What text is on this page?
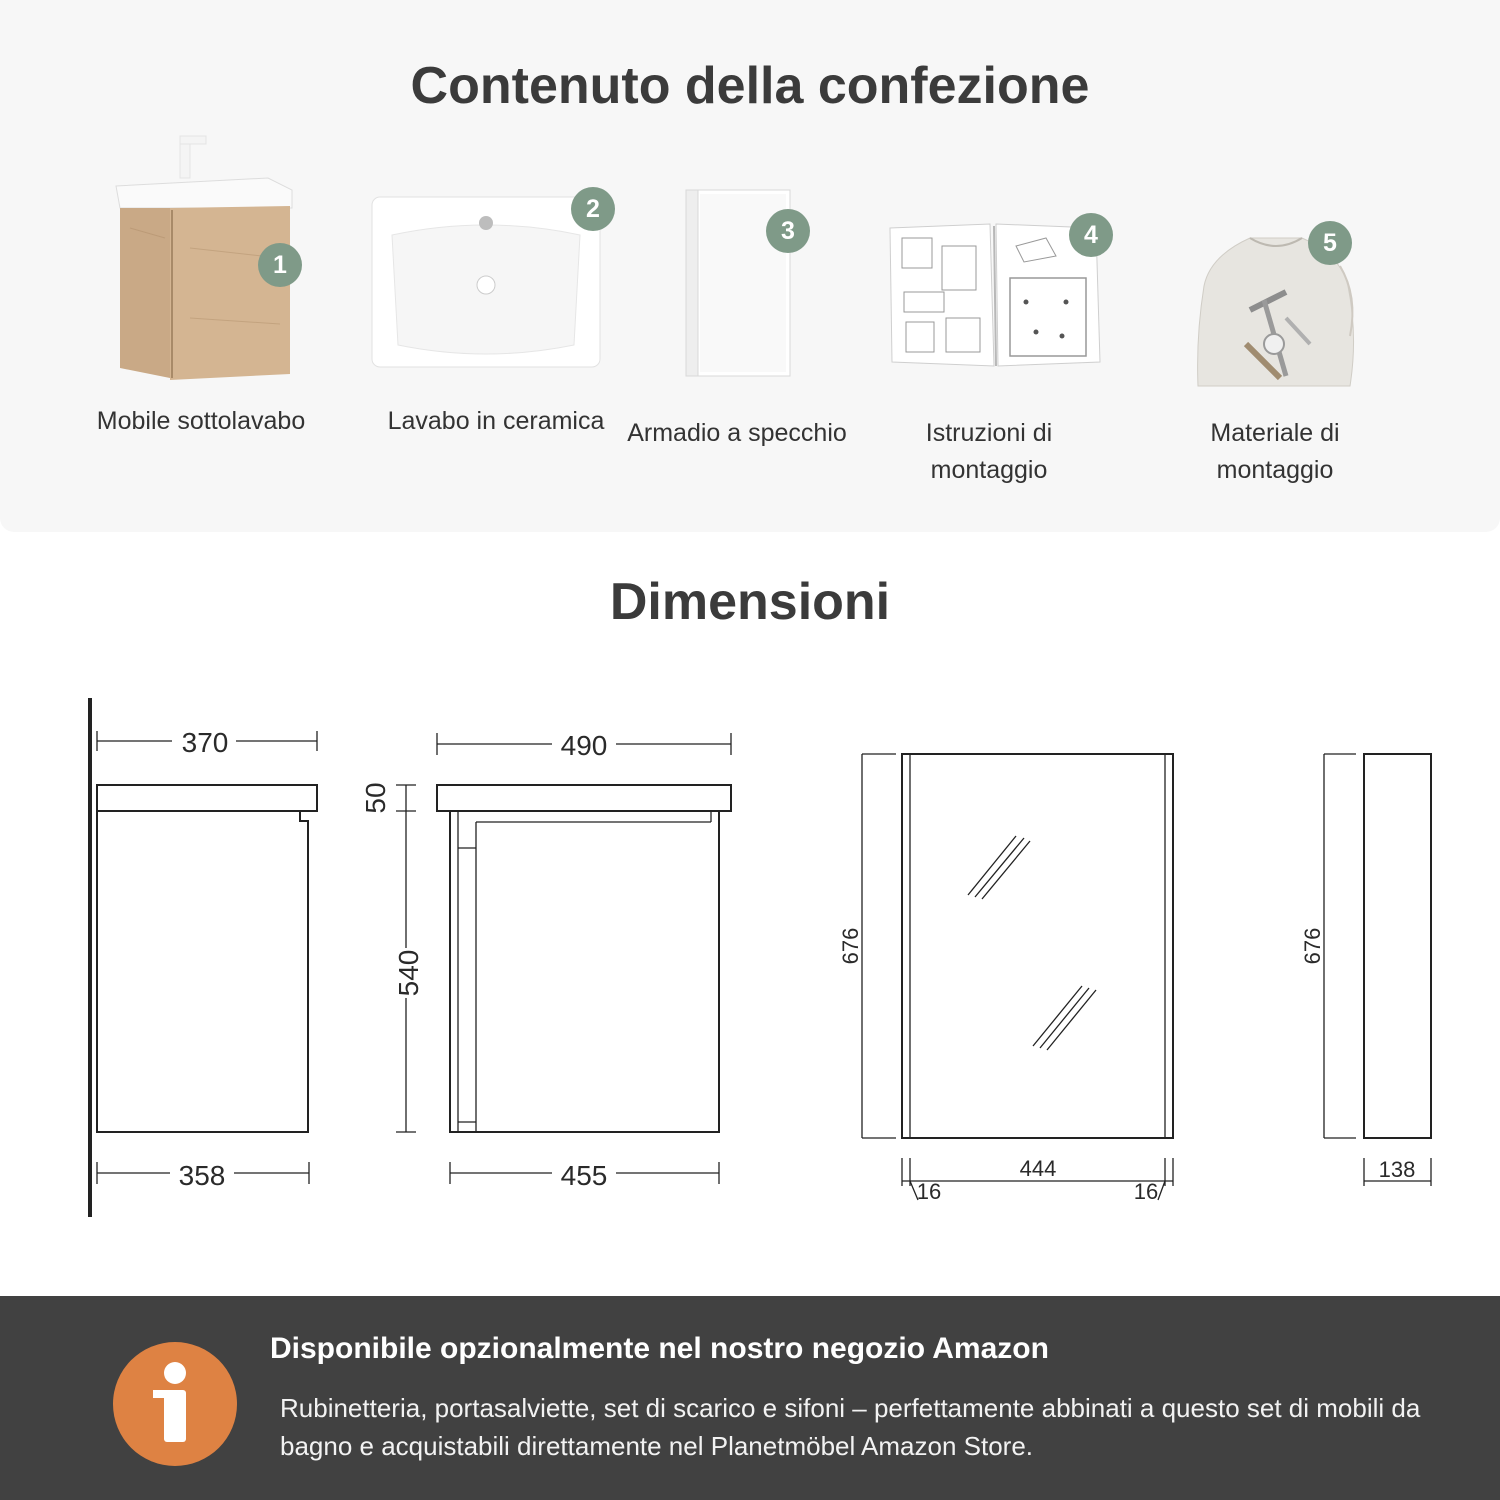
Contenuto della confezione
1
Mobile sottolavabo
2
Lavabo in ceramica
3
Armadio a specchio
4
Istruzioni di montaggio
5
Materiale di montaggio
Dimensioni
370
358
490
455
50
540
676
444
16	16
676
138
Disponibile opzionalmente nel nostro negozio Amazon

Rubinetteria, portasalviette, set di scarico e sifoni – perfettamente abbinati a questo set di mobili da bagno e acquistabili direttamente nel Planetmöbel Amazon Store.
